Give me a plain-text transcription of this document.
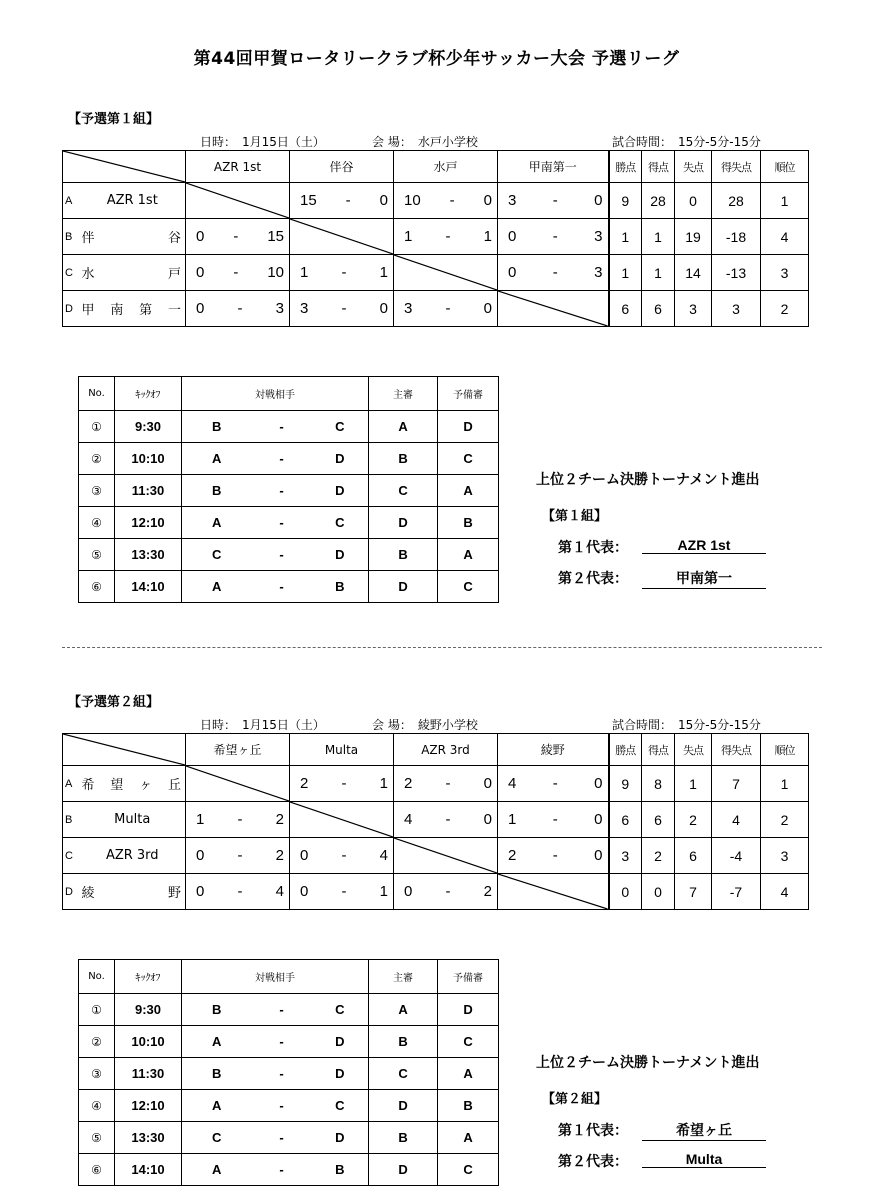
第44回甲賀ロータリークラブ杯少年サッカー大会 予選リーグ
【予選第１組】
日時：　1月15日（土）	会 場：　水戸小学校	試合時間：　15分-5分-15分
	AZR 1st	伴谷	水戸	甲南第一	勝点	得点	失点	得失点	順位
A	AZR 1st		15 - 0	10 - 0	3 - 0	9	28	0	28	1
B	伴　　　谷	0 - 15		1 - 1	0 - 3	1	1	19	-18	4
C	水　　　戸	0 - 10	1 - 1		0 - 3	1	1	14	-13	3
D	甲南第一	0 - 3	3 - 0	3 - 0		6	6	3	3	2
No.	ｷｯｸｵﾌ	対戦相手			主審	予備審
①	9:30	B	-	C	A	D
②	10:10	A	-	D	B	C
③	11:30	B	-	D	C	A
④	12:10	A	-	C	D	B
⑤	13:30	C	-	D	B	A
⑥	14:10	A	-	B	D	C
上位２チーム決勝トーナメント進出
【第１組】
第１代表：	AZR 1st
第２代表：	甲南第一
【予選第２組】
日時：　1月15日（土）	会 場：　綾野小学校	試合時間：　15分-5分-15分
	希望ヶ丘	Multa	AZR 3rd	綾野	勝点	得点	失点	得失点	順位
A	希望ヶ丘		2 - 1	2 - 0	4 - 0	9	8	1	7	1
B	Multa	1 - 2		4 - 0	1 - 0	6	6	2	4	2
C	AZR 3rd	0 - 2	0 - 4		2 - 0	3	2	6	-4	3
D	綾　　　野	0 - 4	0 - 1	0 - 2		0	0	7	-7	4
No.	ｷｯｸｵﾌ	対戦相手			主審	予備審
①	9:30	B	-	C	A	D
②	10:10	A	-	D	B	C
③	11:30	B	-	D	C	A
④	12:10	A	-	C	D	B
⑤	13:30	C	-	D	B	A
⑥	14:10	A	-	B	D	C
上位２チーム決勝トーナメント進出
【第２組】
第１代表：	希望ヶ丘
第２代表：	Multa
